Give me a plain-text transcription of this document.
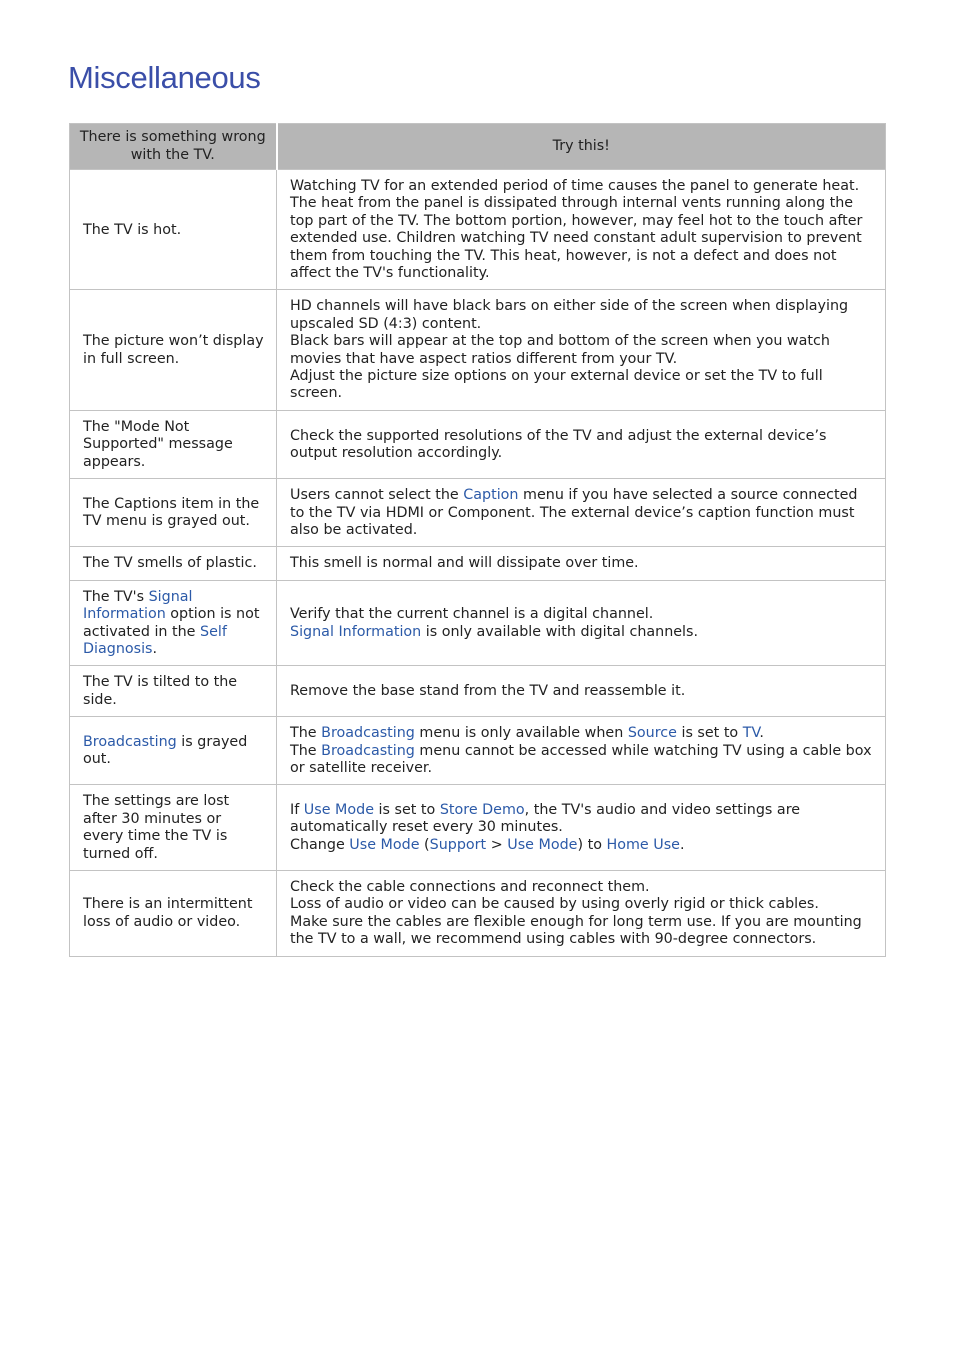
Miscellaneous
There is something wrong with the TV.	Try this!
The TV is hot.	Watching TV for an extended period of time causes the panel to generate heat. The heat from the panel is dissipated through internal vents running along the top part of the TV. The bottom portion, however, may feel hot to the touch after extended use. Children watching TV need constant adult supervision to prevent them from touching the TV. This heat, however, is not a defect and does not affect the TV's functionality.

The picture won’t display in full screen.	HD channels will have black bars on either side of the screen when displaying upscaled SD (4:3) content.
Black bars will appear at the top and bottom of the screen when you watch movies that have aspect ratios different from your TV.
Adjust the picture size options on your external device or set the TV to full screen.

The "Mode Not Supported" message appears.	Check the supported resolutions of the TV and adjust the external device’s output resolution accordingly.

The Captions item in the TV menu is grayed out.	Users cannot select the Caption menu if you have selected a source connected to the TV via HDMI or Component. The external device’s caption function must also be activated.

The TV smells of plastic.	This smell is normal and will dissipate over time.

The TV's Signal Information option is not activated in the Self Diagnosis.	Verify that the current channel is a digital channel.
Signal Information is only available with digital channels.

The TV is tilted to the side.	Remove the base stand from the TV and reassemble it.

Broadcasting is grayed out.	The Broadcasting menu is only available when Source is set to TV.
The Broadcasting menu cannot be accessed while watching TV using a cable box or satellite receiver.

The settings are lost after 30 minutes or every time the TV is turned off.	If Use Mode is set to Store Demo, the TV's audio and video settings are automatically reset every 30 minutes.
Change Use Mode (Support > Use Mode) to Home Use.

There is an intermittent loss of audio or video.	Check the cable connections and reconnect them.
Loss of audio or video can be caused by using overly rigid or thick cables.
Make sure the cables are flexible enough for long term use. If you are mounting the TV to a wall, we recommend using cables with 90-degree connectors.
